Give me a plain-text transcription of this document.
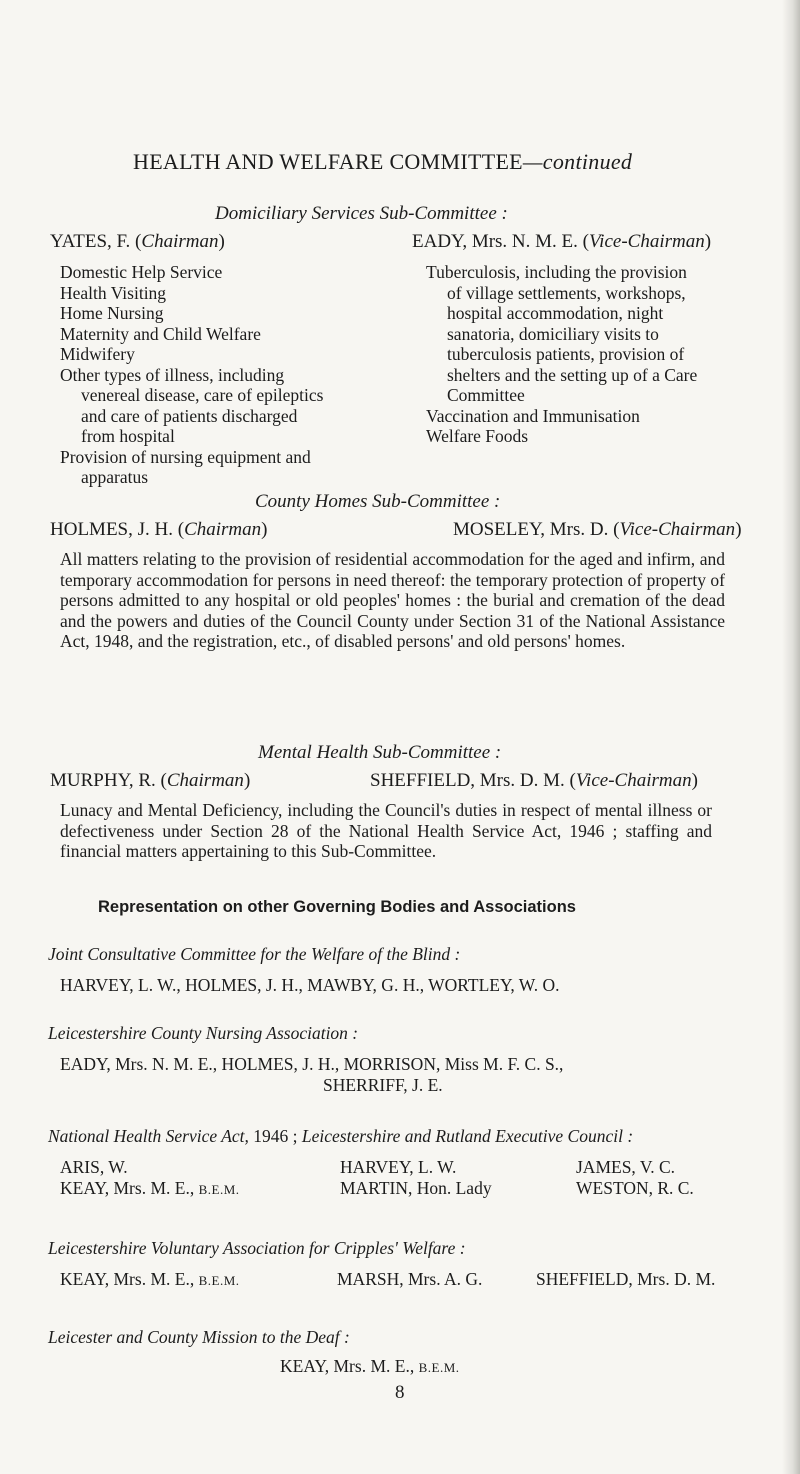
HEALTH AND WELFARE COMMITTEE—continued
Domiciliary Services Sub-Committee :
YATES, F. (Chairman)	EADY, Mrs. N. M. E. (Vice-Chairman)
Domestic Help Service
Health Visiting
Home Nursing
Maternity and Child Welfare
Midwifery
Other types of illness, including
venereal disease, care of epileptics
and care of patients discharged
from hospital
Provision of nursing equipment and
apparatus
Tuberculosis, including the provision
of village settlements, workshops,
hospital accommodation, night
sanatoria, domiciliary visits to
tuberculosis patients, provision of
shelters and the setting up of a Care
Committee
Vaccination and Immunisation
Welfare Foods
County Homes Sub-Committee :
HOLMES, J. H. (Chairman)	MOSELEY, Mrs. D. (Vice-Chairman)
All matters relating to the provision of residential accommodation for the aged and infirm, and temporary accommodation for persons in need thereof: the temporary protection of property of persons admitted to any hospital or old peoples' homes : the burial and cremation of the dead and the powers and duties of the Council County under Section 31 of the National Assistance Act, 1948, and the registration, etc., of disabled persons' and old persons' homes.
Mental Health Sub-Committee :
MURPHY, R. (Chairman)	SHEFFIELD, Mrs. D. M. (Vice-Chairman)
Lunacy and Mental Deficiency, including the Council's duties in respect of mental illness or defectiveness under Section 28 of the National Health Service Act, 1946 ; staffing and financial matters appertaining to this Sub-Committee.
Representation on other Governing Bodies and Associations
Joint Consultative Committee for the Welfare of the Blind :
HARVEY, L. W., HOLMES, J. H., MAWBY, G. H., WORTLEY, W. O.
Leicestershire County Nursing Association :
EADY, Mrs. N. M. E., HOLMES, J. H., MORRISON, Miss M. F. C. S.,
SHERRIFF, J. E.
National Health Service Act, 1946 ; Leicestershire and Rutland Executive Council :
ARIS, W.	HARVEY, L. W.	JAMES, V. C.
KEAY, Mrs. M. E., B.E.M.	MARTIN, Hon. Lady	WESTON, R. C.
Leicestershire Voluntary Association for Cripples' Welfare :
KEAY, Mrs. M. E., B.E.M.	MARSH, Mrs. A. G.	SHEFFIELD, Mrs. D. M.
Leicester and County Mission to the Deaf :
KEAY, Mrs. M. E., B.E.M.
8
